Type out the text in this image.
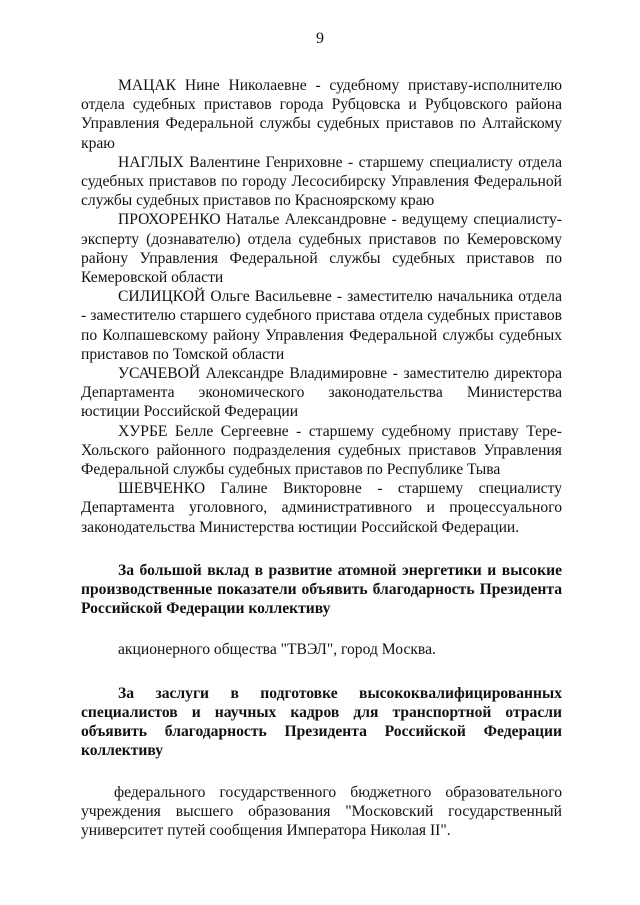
9

МАЦАК Нине Николаевне - судебному приставу-исполнителю отдела судебных приставов города Рубцовска и Рубцовского района Управления Федеральной службы судебных приставов по Алтайскому краю

НАГЛЫХ Валентине Генриховне - старшему специалисту отдела судебных приставов по городу Лесосибирску Управления Федеральной службы судебных приставов по Красноярскому краю

ПРОХОРЕНКО Наталье Александровне - ведущему специалисту-эксперту (дознавателю) отдела судебных приставов по Кемеровскому району Управления Федеральной службы судебных приставов по Кемеровской области

СИЛИЦКОЙ Ольге Васильевне - заместителю начальника отдела - заместителю старшего судебного пристава отдела судебных приставов по Колпашевскому району Управления Федеральной службы судебных приставов по Томской области

УСАЧЕВОЙ Александре Владимировне - заместителю директора Департамента экономического законодательства Министерства юстиции Российской Федерации

ХУРБЕ Белле Сергеевне - старшему судебному приставу Тере-Хольского районного подразделения судебных приставов Управления Федеральной службы судебных приставов по Республике Тыва

ШЕВЧЕНКО Галине Викторовне - старшему специалисту Департамента уголовного, административного и процессуального законодательства Министерства юстиции Российской Федерации.

За большой вклад в развитие атомной энергетики и высокие производственные показатели объявить благодарность Президента Российской Федерации коллективу

акционерного общества "ТВЭЛ", город Москва.

За заслуги в подготовке высококвалифицированных специалистов и научных кадров для транспортной отрасли объявить благодарность Президента Российской Федерации коллективу

федерального государственного бюджетного образовательного учреждения высшего образования "Московский государственный университет путей сообщения Императора Николая II".
